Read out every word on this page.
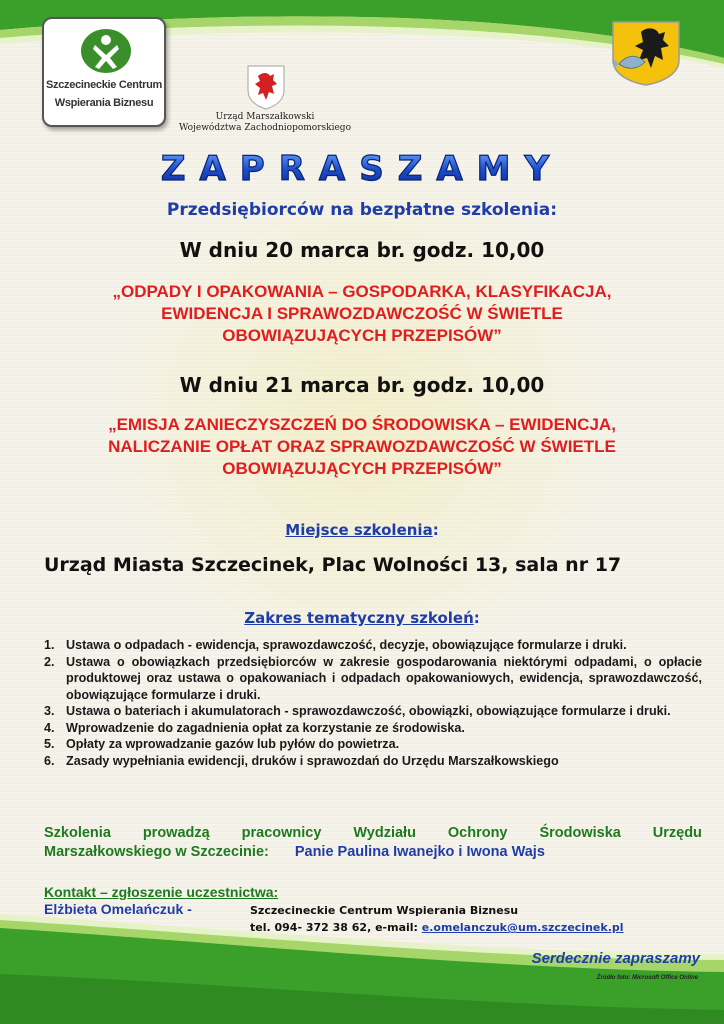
Szczecineckie Centrum
Wspierania Biznesu
Urząd Marszałkowski
Województwa Zachodniopomorskiego
ZAPRASZAMY
Przedsiębiorców na bezpłatne szkolenia:
W dniu 20 marca br. godz. 10,00
„ODPADY I OPAKOWANIA – GOSPODARKA, KLASYFIKACJA,
EWIDENCJA I SPRAWOZDAWCZOŚĆ W ŚWIETLE
OBOWIĄZUJĄCYCH PRZEPISÓW”
W dniu 21 marca br. godz. 10,00
„EMISJA ZANIECZYSZCZEŃ DO ŚRODOWISKA – EWIDENCJA,
NALICZANIE OPŁAT ORAZ SPRAWOZDAWCZOŚĆ W ŚWIETLE
OBOWIĄZUJĄCYCH PRZEPISÓW”
Miejsce szkolenia:
Urząd Miasta Szczecinek, Plac Wolności 13, sala nr 17
Zakres tematyczny szkoleń:
1. Ustawa o odpadach - ewidencja, sprawozdawczość, decyzje, obowiązujące formularze i druki.
2. Ustawa o obowiązkach przedsiębiorców w zakresie gospodarowania niektórymi odpadami, o opłacie produktowej oraz ustawa o opakowaniach i odpadach opakowaniowych, ewidencja, sprawozdawczość, obowiązujące formularze i druki.
3. Ustawa o bateriach i akumulatorach - sprawozdawczość, obowiązki, obowiązujące formularze i druki.
4. Wprowadzenie do zagadnienia opłat za korzystanie ze środowiska.
5. Opłaty za wprowadzanie gazów lub pyłów do powietrza.
6. Zasady wypełniania ewidencji, druków i sprawozdań do Urzędu Marszałkowskiego
Szkolenia prowadzą pracownicy Wydziału Ochrony Środowiska Urzędu
Marszałkowskiego w Szczecinie: Panie Paulina Iwanejko i Iwona Wajs
Kontakt – zgłoszenie uczestnictwa:
Elżbieta Omelańczuk -	Szczecineckie Centrum Wspierania Biznesu
tel. 094- 372 38 62, e-mail: e.omelanczuk@um.szczecinek.pl
Serdecznie zapraszamy
Źródło foto: Microsoft Office Online
